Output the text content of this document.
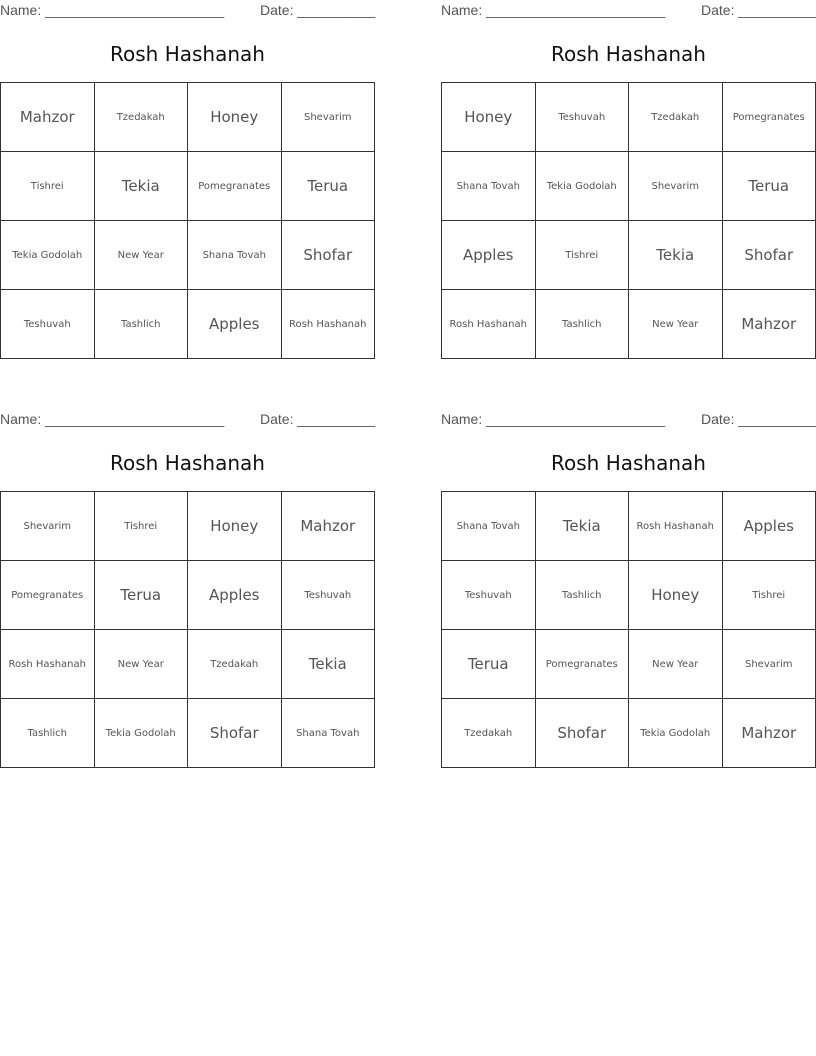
Name: _______________________	Date: __________
Rosh Hashanah
Mahzor	Tzedakah	Honey	Shevarim
Tishrei	Tekia	Pomegranates	Terua
Tekia Godolah	New Year	Shana Tovah	Shofar
Teshuvah	Tashlich	Apples	Rosh Hashanah
Name: _______________________	Date: __________
Rosh Hashanah
Honey	Teshuvah	Tzedakah	Pomegranates
Shana Tovah	Tekia Godolah	Shevarim	Terua
Apples	Tishrei	Tekia	Shofar
Rosh Hashanah	Tashlich	New Year	Mahzor
Name: _______________________	Date: __________
Rosh Hashanah
Shevarim	Tishrei	Honey	Mahzor
Pomegranates	Terua	Apples	Teshuvah
Rosh Hashanah	New Year	Tzedakah	Tekia
Tashlich	Tekia Godolah	Shofar	Shana Tovah
Name: _______________________	Date: __________
Rosh Hashanah
Shana Tovah	Tekia	Rosh Hashanah	Apples
Teshuvah	Tashlich	Honey	Tishrei
Terua	Pomegranates	New Year	Shevarim
Tzedakah	Shofar	Tekia Godolah	Mahzor
